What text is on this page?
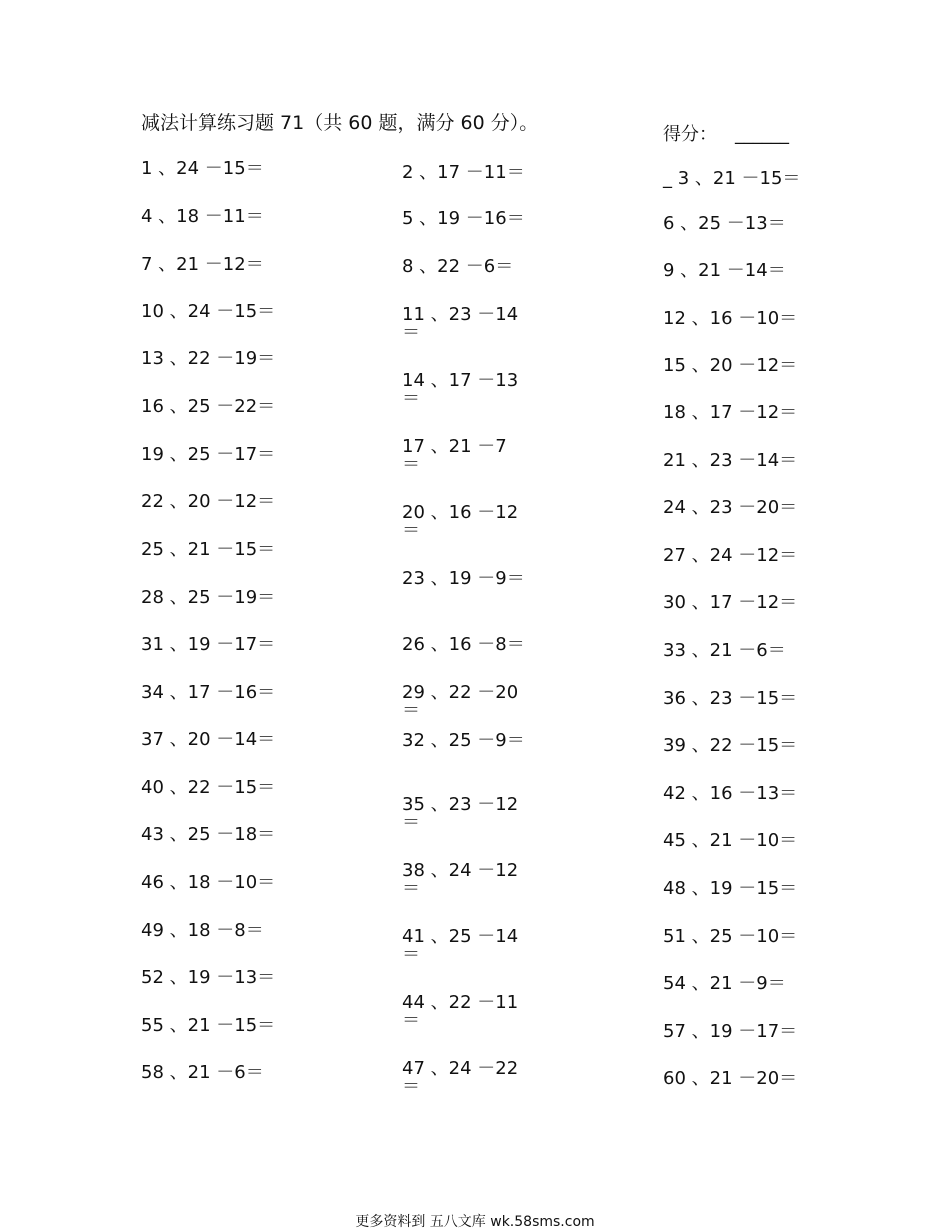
减法计算练习题 71（共 60 题，满分 60 分）。
得分： ______
1 、24 －15＝
4 、18 －11＝
7 、21 －12＝
10 、24 －15＝
13 、22 －19＝
16 、25 －22＝
19 、25 －17＝
22 、20 －12＝
25 、21 －15＝
28 、25 －19＝
31 、19 －17＝
34 、17 －16＝
37 、20 －14＝
40 、22 －15＝
43 、25 －18＝
46 、18 －10＝
49 、18 －8＝
52 、19 －13＝
55 、21 －15＝
58 、21 －6＝
2 、17 －11＝
5 、19 －16＝
8 、22 －6＝
11 、23 －14
＝
14 、17 －13
＝
17 、21 －7
＝
20 、16 －12
＝
23 、19 －9＝
26 、16 －8＝
29 、22 －20
＝
32 、25 －9＝
35 、23 －12
＝
38 、24 －12
＝
41 、25 －14
＝
44 、22 －11
＝
47 、24 －22
＝
_ 3 、21 －15＝
6 、25 －13＝
9 、21 －14＝
12 、16 －10＝
15 、20 －12＝
18 、17 －12＝
21 、23 －14＝
24 、23 －20＝
27 、24 －12＝
30 、17 －12＝
33 、21 －6＝
36 、23 －15＝
39 、22 －15＝
42 、16 －13＝
45 、21 －10＝
48 、19 －15＝
51 、25 －10＝
54 、21 －9＝
57 、19 －17＝
60 、21 －20＝
更多资料到 五八文库 wk.58sms.com
